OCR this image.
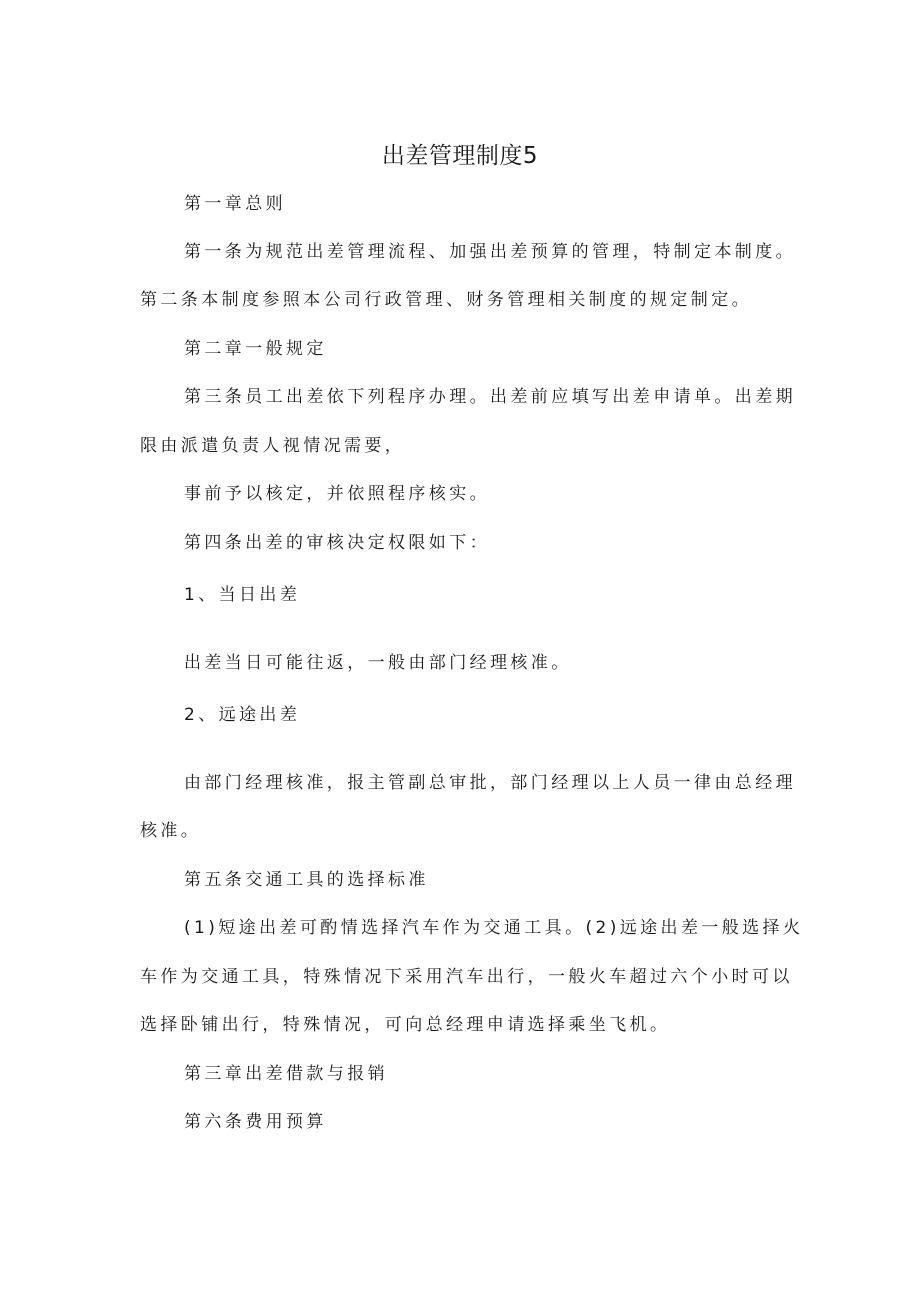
出差管理制度5
第一章总则
第一条为规范出差管理流程、加强出差预算的管理，特制定本制度。
第二条本制度参照本公司行政管理、财务管理相关制度的规定制定。
第二章一般规定
第三条员工出差依下列程序办理。出差前应填写出差申请单。出差期
限由派遣负责人视情况需要，
事前予以核定，并依照程序核实。
第四条出差的审核决定权限如下：
1、当日出差
出差当日可能往返，一般由部门经理核准。
2、远途出差
由部门经理核准，报主管副总审批，部门经理以上人员一律由总经理
核准。
第五条交通工具的选择标准
(1)短途出差可酌情选择汽车作为交通工具。(2)远途出差一般选择火
车作为交通工具，特殊情况下采用汽车出行，一般火车超过六个小时可以
选择卧铺出行，特殊情况，可向总经理申请选择乘坐飞机。
第三章出差借款与报销
第六条费用预算
